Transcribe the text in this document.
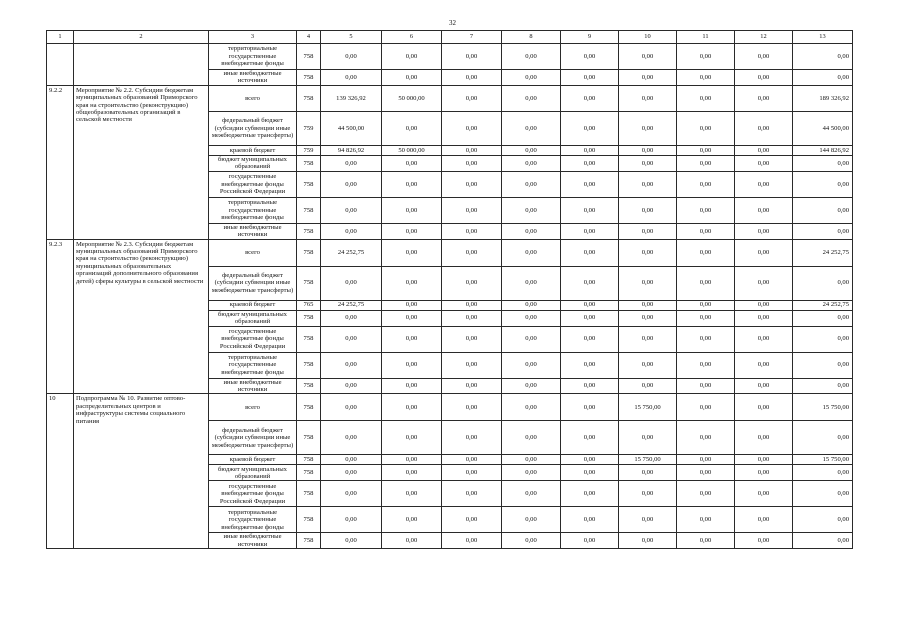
32
1	2	3	4	5	6	7	8	9	10	11	12	13
		территориальные государственные внебюджетные фонды	758	0,00	0,00	0,00	0,00	0,00	0,00	0,00	0,00	0,00
		иные внебюджетные источники	758	0,00	0,00	0,00	0,00	0,00	0,00	0,00	0,00	0,00
9.2.2	Мероприятие № 2.2. Субсидии бюджетам муниципальных образований Приморского края на строительство (реконструкцию) общеобразовательных организаций в сельской местности	всего	758	139 326,92	50 000,00	0,00	0,00	0,00	0,00	0,00	0,00	189 326,92
		федеральный бюджет (субсидии субвенции иные межбюджетные трансферты)	759	44 500,00	0,00	0,00	0,00	0,00	0,00	0,00	0,00	44 500,00
		краевой бюджет	759	94 826,92	50 000,00	0,00	0,00	0,00	0,00	0,00	0,00	144 826,92
		бюджет муниципальных образований	758	0,00	0,00	0,00	0,00	0,00	0,00	0,00	0,00	0,00
		государственные внебюджетные фонды Российской Федерации	758	0,00	0,00	0,00	0,00	0,00	0,00	0,00	0,00	0,00
		территориальные государственные внебюджетные фонды	758	0,00	0,00	0,00	0,00	0,00	0,00	0,00	0,00	0,00
		иные внебюджетные источники	758	0,00	0,00	0,00	0,00	0,00	0,00	0,00	0,00	0,00
9.2.3	Мероприятие № 2.3. Субсидии бюджетам муниципальных образований Приморского края на строительство (реконструкцию) муниципальных образовательных организаций дополнительного образования детей) сферы культуры в сельской местности	всего	758	24 252,75	0,00	0,00	0,00	0,00	0,00	0,00	0,00	24 252,75
		федеральный бюджет (субсидии субвенции иные межбюджетные трансферты)	758	0,00	0,00	0,00	0,00	0,00	0,00	0,00	0,00	0,00
		краевой бюджет	765	24 252,75	0,00	0,00	0,00	0,00	0,00	0,00	0,00	24 252,75
		бюджет муниципальных образований	758	0,00	0,00	0,00	0,00	0,00	0,00	0,00	0,00	0,00
		государственные внебюджетные фонды Российской Федерации	758	0,00	0,00	0,00	0,00	0,00	0,00	0,00	0,00	0,00
		территориальные государственные внебюджетные фонды	758	0,00	0,00	0,00	0,00	0,00	0,00	0,00	0,00	0,00
		иные внебюджетные источники	758	0,00	0,00	0,00	0,00	0,00	0,00	0,00	0,00	0,00
10	Подпрограмма № 10. Развитие оптово-распределительных центров и инфраструктуры системы социального питания	всего	758	0,00	0,00	0,00	0,00	0,00	15 750,00	0,00	0,00	15 750,00
		федеральный бюджет (субсидии субвенции иные межбюджетные трансферты)	758	0,00	0,00	0,00	0,00	0,00	0,00	0,00	0,00	0,00
		краевой бюджет	758	0,00	0,00	0,00	0,00	0,00	15 750,00	0,00	0,00	15 750,00
		бюджет муниципальных образований	758	0,00	0,00	0,00	0,00	0,00	0,00	0,00	0,00	0,00
		государственные внебюджетные фонды Российской Федерации	758	0,00	0,00	0,00	0,00	0,00	0,00	0,00	0,00	0,00
		территориальные государственные внебюджетные фонды	758	0,00	0,00	0,00	0,00	0,00	0,00	0,00	0,00	0,00
		иные внебюджетные источники	758	0,00	0,00	0,00	0,00	0,00	0,00	0,00	0,00	0,00
